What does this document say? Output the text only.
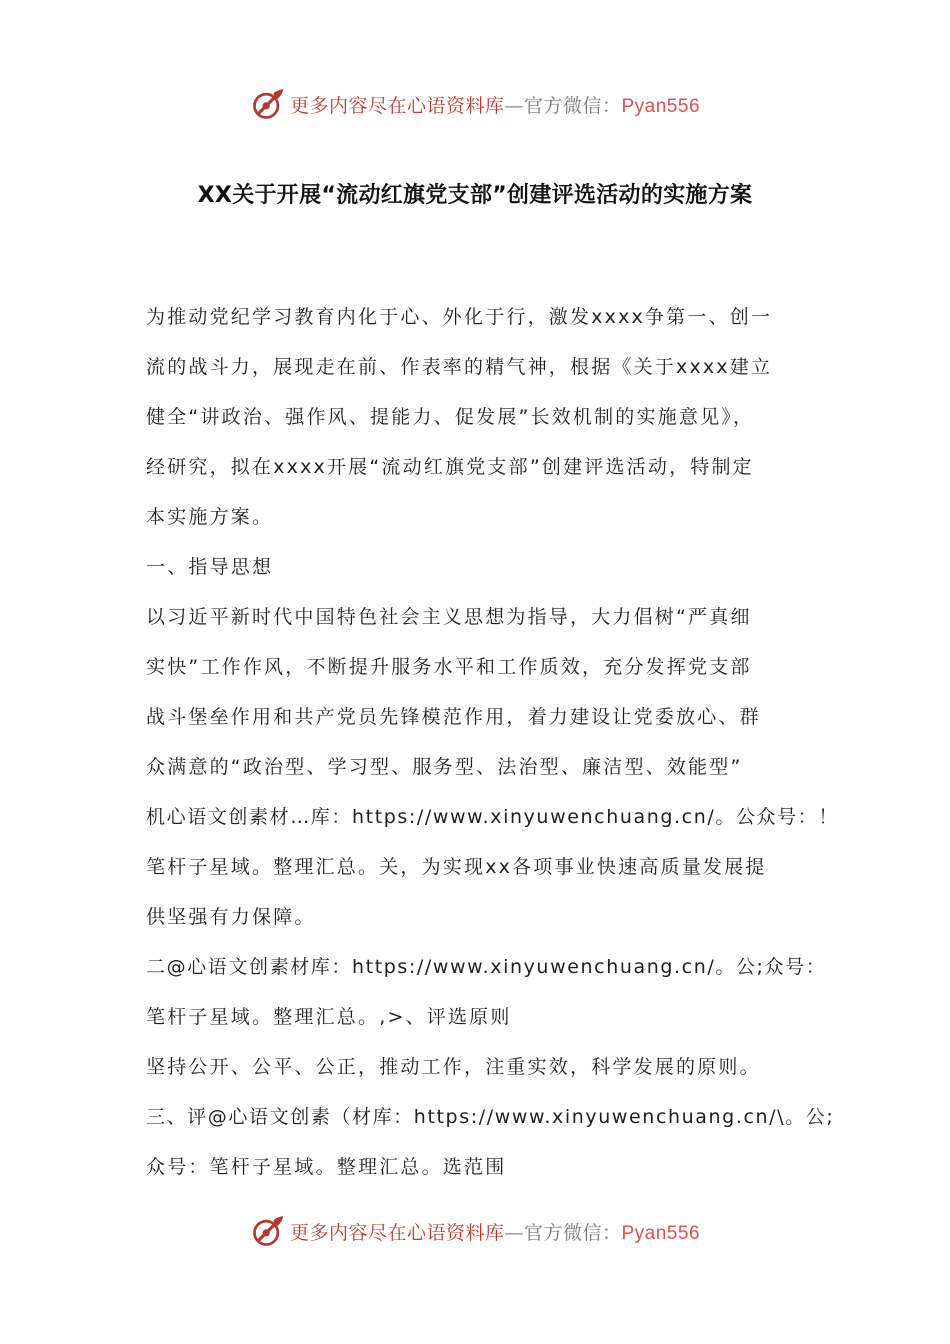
更多内容尽在心语资料库—官方微信：Pyan556
XX关于开展“流动红旗党支部”创建评选活动的实施方案
为推动党纪学习教育内化于心、外化于行，激发xxxx争第一、创一
流的战斗力，展现走在前、作表率的精气神，根据《关于xxxx建立
健全“讲政治、强作风、提能力、促发展”长效机制的实施意见》，
经研究，拟在xxxx开展“流动红旗党支部”创建评选活动，特制定
本实施方案。
一、指导思想
以习近平新时代中国特色社会主义思想为指导，大力倡树“严真细
实快”工作作风，不断提升服务水平和工作质效，充分发挥党支部
战斗堡垒作用和共产党员先锋模范作用，着力建设让党委放心、群
众满意的“政治型、学习型、服务型、法治型、廉洁型、效能型”
机心语文创素材…库：https://www.xinyuwenchuang.cn/。公众号：！
笔杆子星域。整理汇总。关，为实现xx各项事业快速高质量发展提
供坚强有力保障。
二@心语文创素材库：https://www.xinyuwenchuang.cn/。公;众号：
笔杆子星域。整理汇总。,>、评选原则
坚持公开、公平、公正，推动工作，注重实效，科学发展的原则。
三、评@心语文创素（材库：https://www.xinyuwenchuang.cn/\。公;
众号：笔杆子星域。整理汇总。选范围
更多内容尽在心语资料库—官方微信：Pyan556
